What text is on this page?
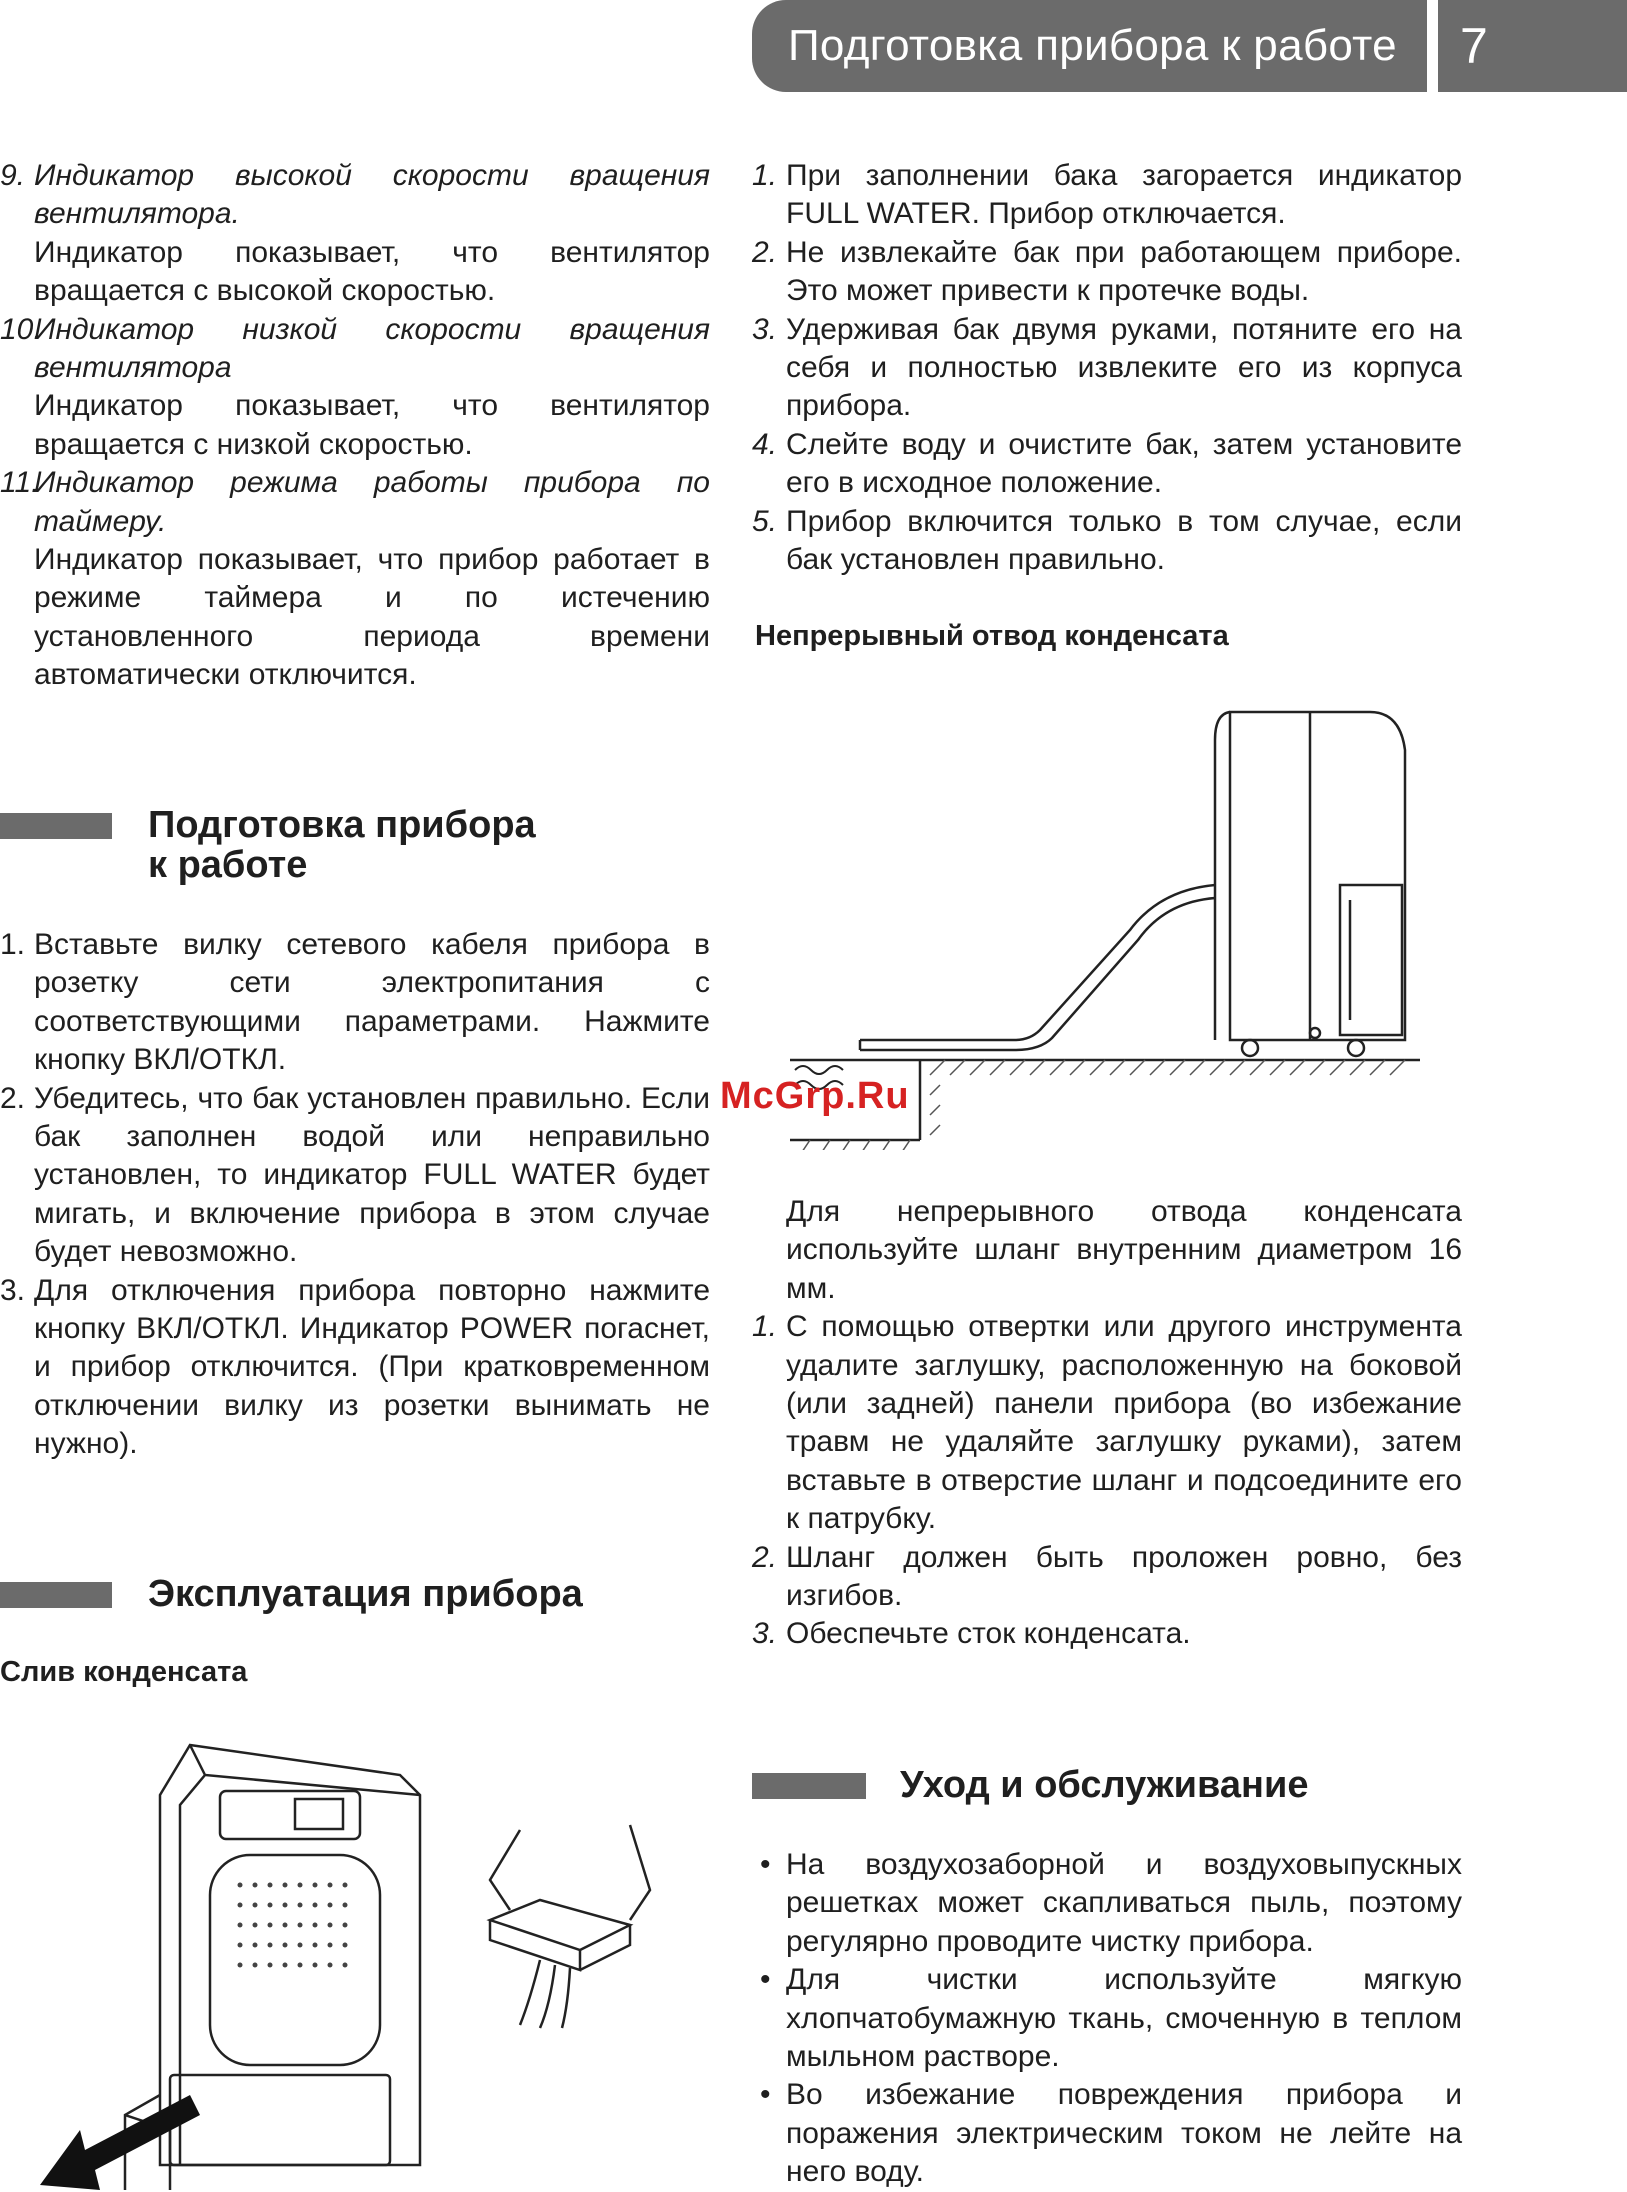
Подготовка прибора к работе	7

9. Индикатор высокой скорости вращения вентилятора.

Индикатор показывает, что вентилятор вращается с высокой скоростью.

10.
Индикатор низкой скорости вращения вентилятора

Индикатор показывает, что вентилятор вращается с низкой скоростью.

11.
Индикатор режима работы прибора по таймеру.

Индикатор показывает, что прибор работает в режиме таймера и по истечению установленного периода времени автоматически отключится.

Подготовка прибора
к работе

1. Вставьте вилку сетевого кабеля прибора в розетку сети электропитания с соответствующими параметрами. Нажмите кнопку ВКЛ/ОТКЛ.

2. Убедитесь, что бак установлен правильно. Если бак заполнен водой или неправильно установлен, то индикатор FULL WATER будет мигать, и включение прибора в этом случае будет невозможно.

3. Для отключения прибора повторно нажмите кнопку ВКЛ/ОТКЛ. Индикатор POWER погаснет, и прибор отключится. (При кратковременном отключении вилку из розетки вынимать не нужно).

Эксплуатация прибора
Слив конденсата

1. При заполнении бака загорается индикатор FULL WATER. Прибор отключается.

2. Не извлекайте бак при работающем приборе. Это может привести к протечке воды.

3. Удерживая бак двумя руками, потяните его на себя и полностью извлеките его из корпуса прибора.

4. Слейте воду и очистите бак, затем установите его в исходное положение.

5. Прибор включится только в том случае, если бак установлен правильно.

Непрерывный отвод конденсата
McGrp.Ru

Для непрерывного отвода конденсата используйте шланг внутренним диаметром 16 мм.

1. С помощью отвертки или другого инструмента удалите заглушку, расположенную на боковой (или задней) панели прибора (во избежание травм не удаляйте заглушку руками), затем вставьте в отверстие шланг и подсоедините его к патрубку.

2. Шланг должен быть проложен ровно, без изгибов.

3. Обеспечьте сток конденсата.

Уход и обслуживание

• На воздухозаборной и воздуховыпускных решетках может скапливаться пыль, поэтому регулярно проводите чистку прибора.

• Для чистки используйте мягкую хлопчатобумажную ткань, смоченную в теплом мыльном растворе.

• Во избежание повреждения прибора и поражения электрическим током не лейте на него воду.
